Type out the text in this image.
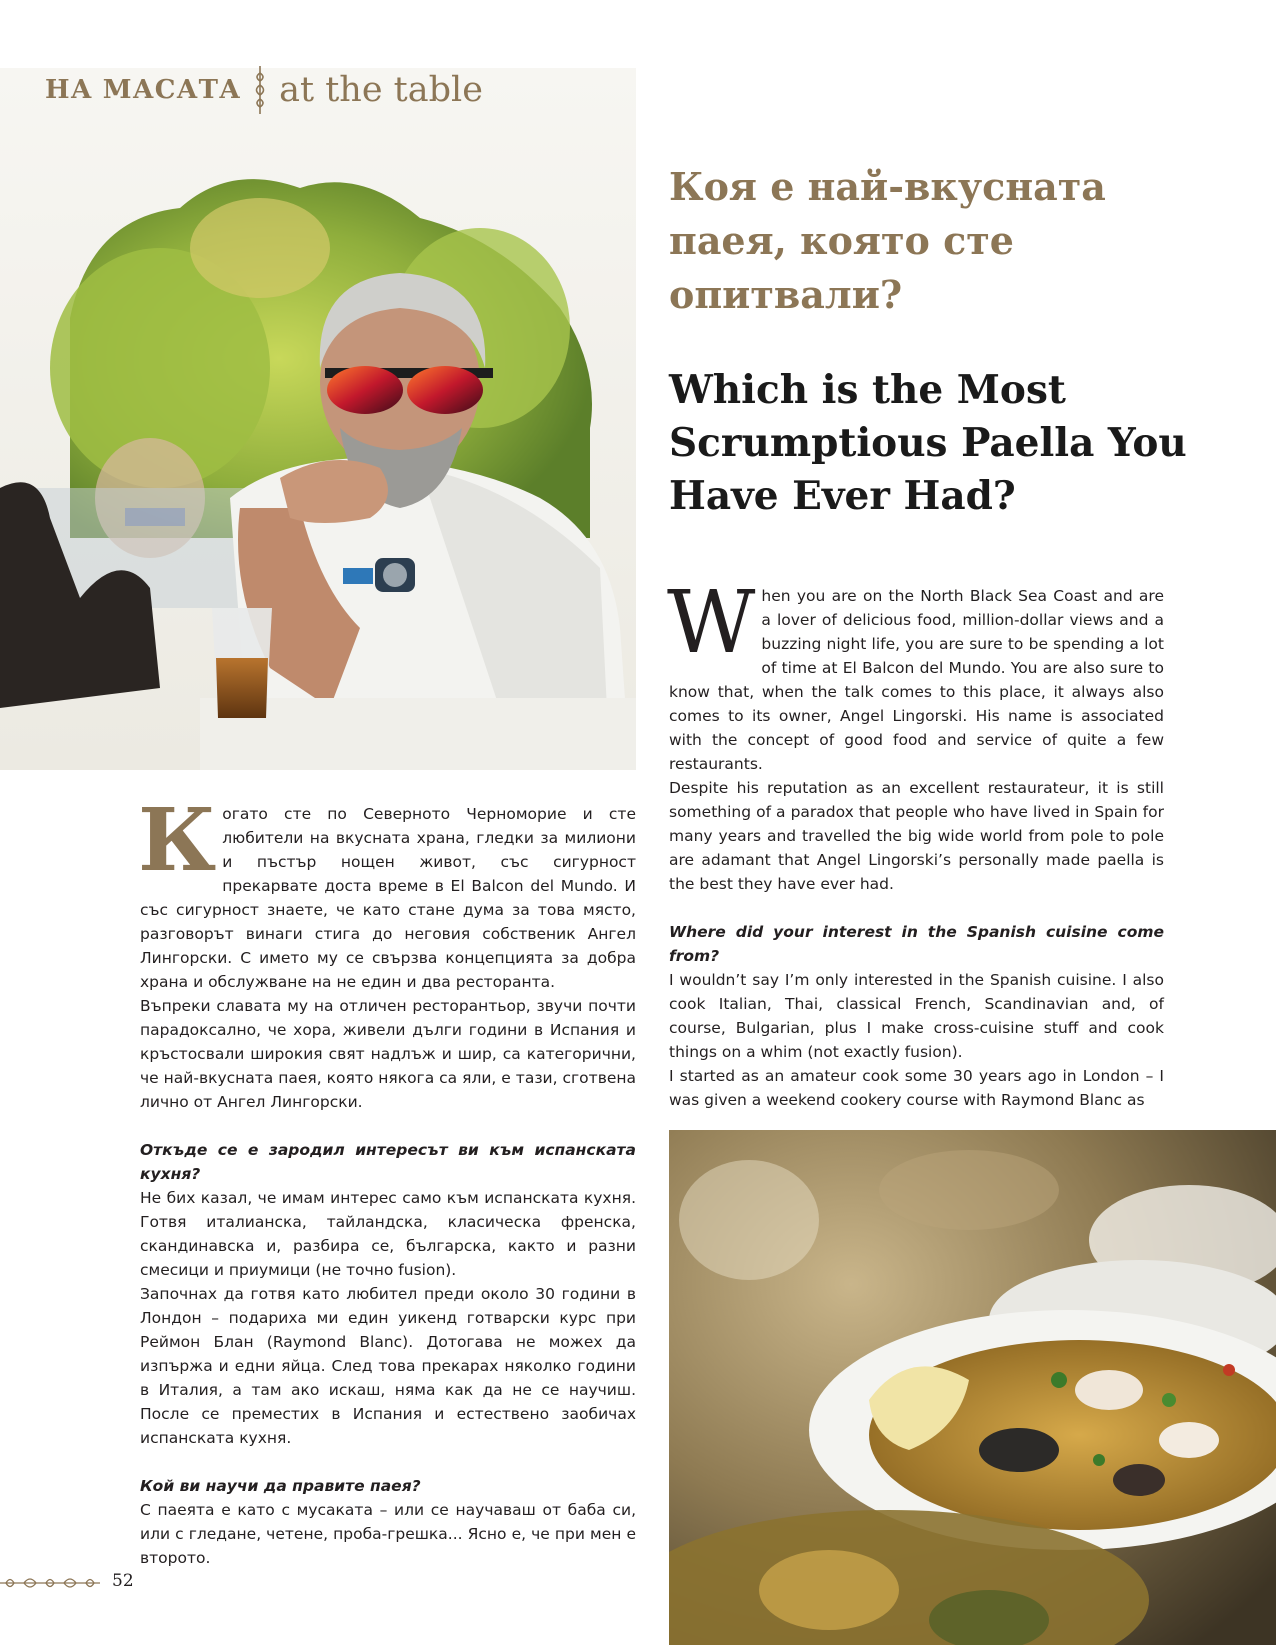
НА МАСАТА at the table
Коя е най-вкусната паея, която сте опитвали?
Which is the Most Scrumptious Paella You Have Ever Had?

When you are on the North Black Sea Coast and are a lover of delicious food, million-dollar views and a buzzing night life, you are sure to be spending a lot of time at El Balcon del Mundo. You are also sure to know that, when the talk comes to this place, it always also comes to its owner, Angel Lingorski. His name is associated with the concept of good food and service of quite a few restaurants.

Despite his reputation as an excellent restaurateur, it is still something of a paradox that people who have lived in Spain for many years and travelled the big wide world from pole to pole are adamant that Angel Lingorski’s personally made paella is the best they have ever had.

Where did your interest in the Spanish cuisine come from?

I wouldn’t say I’m only interested in the Spanish cuisine. I also cook Italian, Thai, classical French, Scandinavian and, of course, Bulgarian, plus I make cross-cuisine stuff and cook things on a whim (not exactly fusion).

I started as an amateur cook some 30 years ago in London – I was given a weekend cookery course with Raymond Blanc as

Когато сте по Северното Черноморие и сте любители на вкусната храна, гледки за милиони и пъстър нощен живот, със сигурност прекарвате доста време в El Balcon del Mundo. И със сигурност знаете, че като стане дума за това място, разговорът винаги стига до неговия собственик Ангел Лингорски. С името му се свързва концепцията за добра храна и обслужване на не един и два ресторанта.

Въпреки славата му на отличен ресторантьор, звучи почти парадоксално, че хора, живели дълги години в Испания и кръстосвали широкия свят надлъж и шир, са категорични, че най-вкусната паея, която някога са яли, е тази, сготвена лично от Ангел Лингорски.

Откъде се е зародил интересът ви към испанската кухня?

Не бих казал, че имам интерес само към испанската кухня. Готвя италианска, тайландска, класическа френска, скандинавска и, разбира се, българска, както и разни смесици и приумици (не точно fusion).

Започнах да готвя като любител преди около 30 години в Лондон – подариха ми един уикенд готварски курс при Реймон Блан (Raymond Blanc). Дотогава не можех да изпържа и едни яйца. След това прекарах няколко години в Италия, а там ако искаш, няма как да не се научиш. После се преместих в Испания и естествено заобичах испанската кухня.

Кой ви научи да правите паея?

С паеята е като с мусаката – или се научаваш от баба си, или с гледане, четене, проба-грешка... Ясно е, че при мен е второто.

52
